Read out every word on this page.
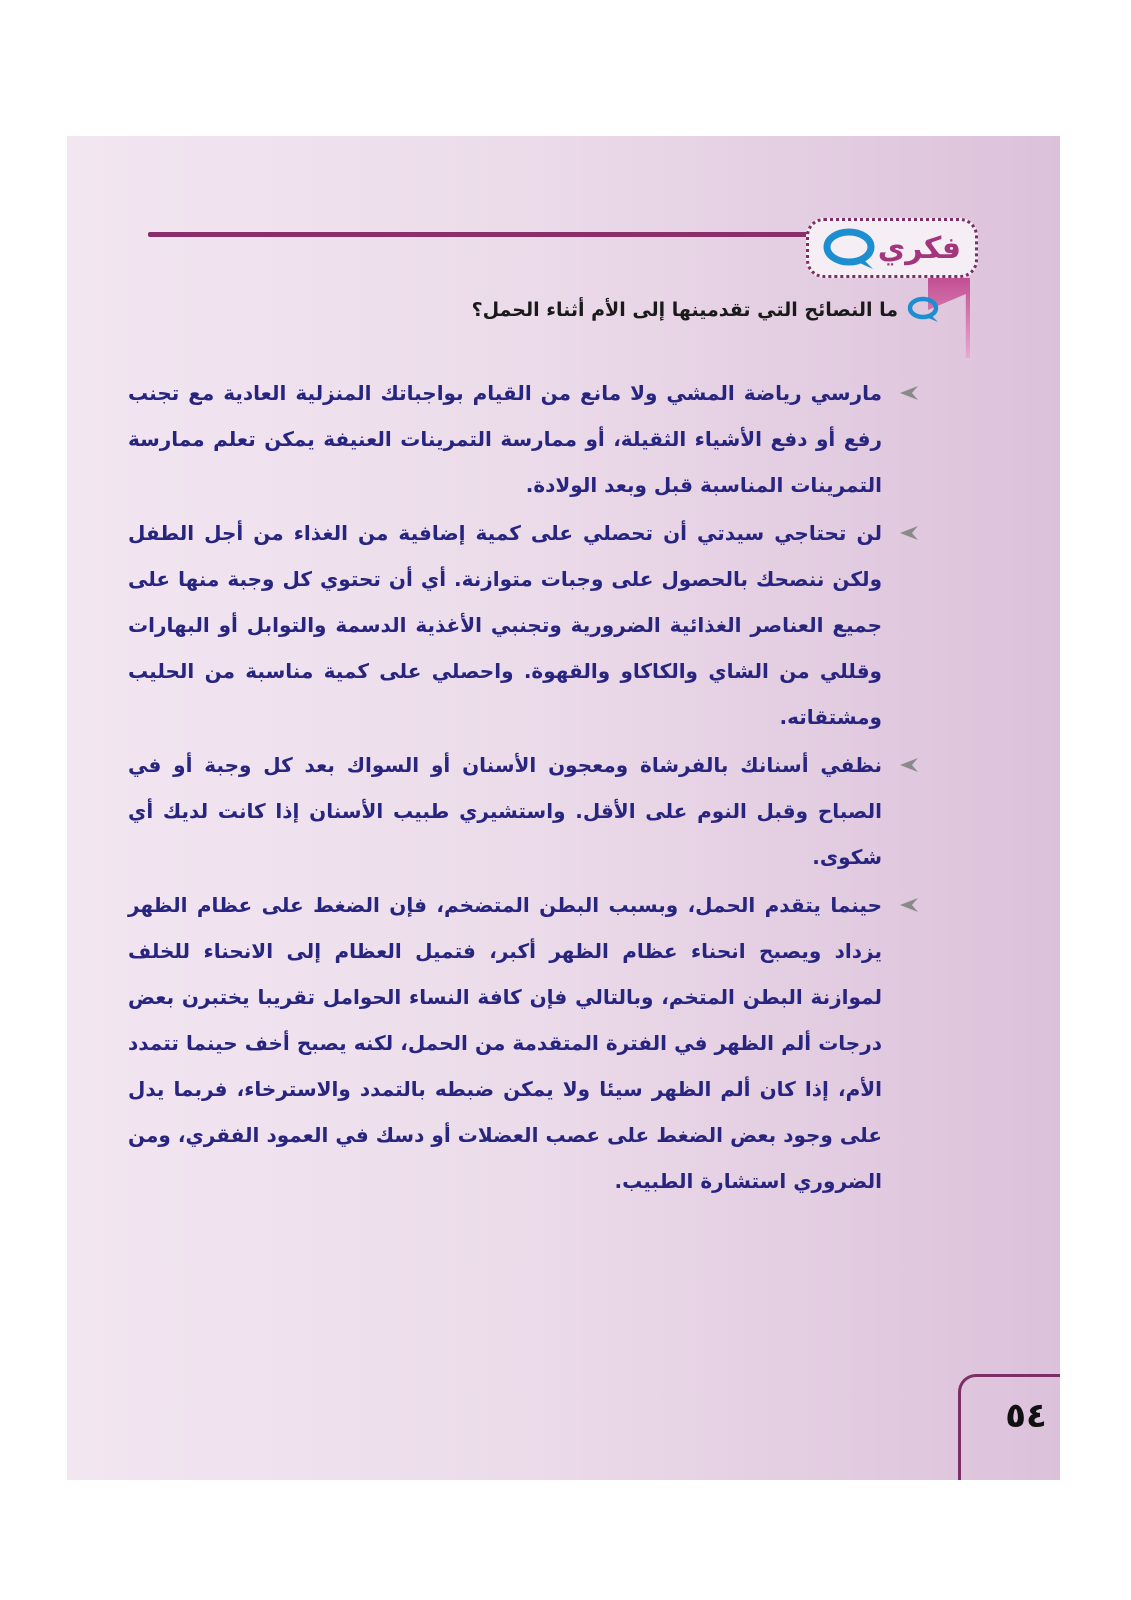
فكري
ما النصائح التي تقدمينها إلى الأم أثناء الحمل؟
مارسي رياضة المشي ولا مانع من القيام بواجباتك المنزلية العادية مع تجنب رفع أو دفع الأشياء الثقيلة، أو ممارسة التمرينات العنيفة يمكن تعلم ممارسة التمرينات المناسبة قبل وبعد الولادة.
لن تحتاجي سيدتي أن تحصلي على كمية إضافية من الغذاء من أجل الطفل ولكن ننصحك بالحصول على وجبات متوازنة. أي أن تحتوي كل وجبة منها على جميع العناصر الغذائية الضرورية وتجنبي الأغذية الدسمة والتوابل أو البهارات وقللي من الشاي والكاكاو والقهوة. واحصلي على كمية مناسبة من الحليب ومشتقاته.
نظفي أسنانك بالفرشاة ومعجون الأسنان أو السواك بعد كل وجبة أو في الصباح وقبل النوم على الأقل. واستشيري طبيب الأسنان إذا كانت لديك أي شكوى.
حينما يتقدم الحمل، وبسبب البطن المتضخم، فإن الضغط على عظام الظهر يزداد ويصبح انحناء عظام الظهر أكبر، فتميل العظام إلى الانحناء للخلف لموازنة البطن المتخم، وبالتالي فإن كافة النساء الحوامل تقريبا يختبرن بعض درجات ألم الظهر في الفترة المتقدمة من الحمل، لكنه يصبح أخف حينما تتمدد الأم، إذا كان ألم الظهر سيئا ولا يمكن ضبطه بالتمدد والاسترخاء، فربما يدل على وجود بعض الضغط على عصب العضلات أو دسك في العمود الفقري، ومن الضروري استشارة الطبيب.
٥٤
